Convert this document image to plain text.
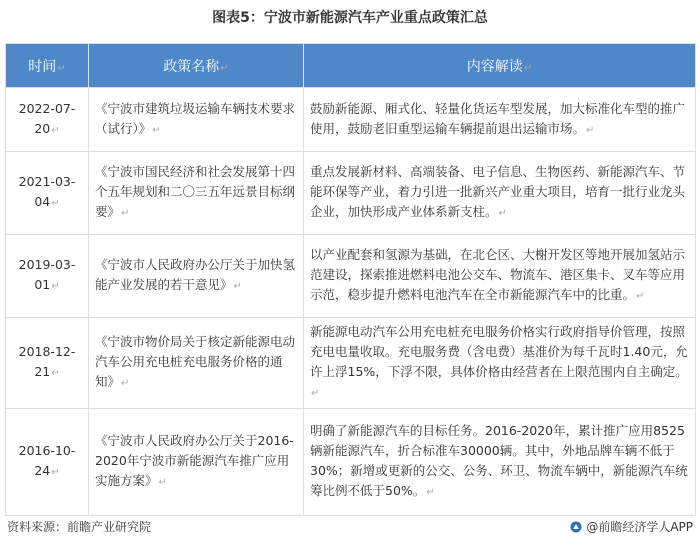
图表5：宁波市新能源汽车产业重点政策汇总
时间↵	政策名称↵	内容解读↵
2022-07-20↵	《宁波市建筑垃圾运输车辆技术要求（试行）》↵	鼓励新能源、厢式化、轻量化货运车型发展，加大标准化车型的推广使用，鼓励老旧重型运输车辆提前退出运输市场。↵
2021-03-04↵	《宁波市国民经济和社会发展第十四个五年规划和二〇三五年远景目标纲要》↵	重点发展新材料、高端装备、电子信息、生物医药、新能源汽车、节能环保等产业，着力引进一批新兴产业重大项目，培育一批行业龙头企业，加快形成产业体系新支柱。↵
2019-03-01↵	《宁波市人民政府办公厅关于加快氢能产业发展的若干意见》↵	以产业配套和氢源为基础，在北仑区、大榭开发区等地开展加氢站示范建设，探索推进燃料电池公交车、物流车、港区集卡、叉车等应用示范，稳步提升燃料电池汽车在全市新能源汽车中的比重。↵
2018-12-21↵	《宁波市物价局关于核定新能源电动汽车公用充电桩充电服务价格的通知》↵	新能源电动汽车公用充电桩充电服务价格实行政府指导价管理，按照充电电量收取。充电服务费（含电费）基准价为每千瓦时1.40元，允许上浮15%，下浮不限，具体价格由经营者在上限范围内自主确定。↵
2016-10-24↵	《宁波市人民政府办公厅关于2016-2020年宁波市新能源汽车推广应用实施方案》↵	明确了新能源汽车的目标任务。2016-2020年，累计推广应用8525辆新能源汽车，折合标准车30000辆。其中，外地品牌车辆不低于30%；新增或更新的公交、公务、环卫、物流车辆中，新能源汽车统筹比例不低于50%。↵
资料来源：前瞻产业研究院	@前瞻经济学人APP
